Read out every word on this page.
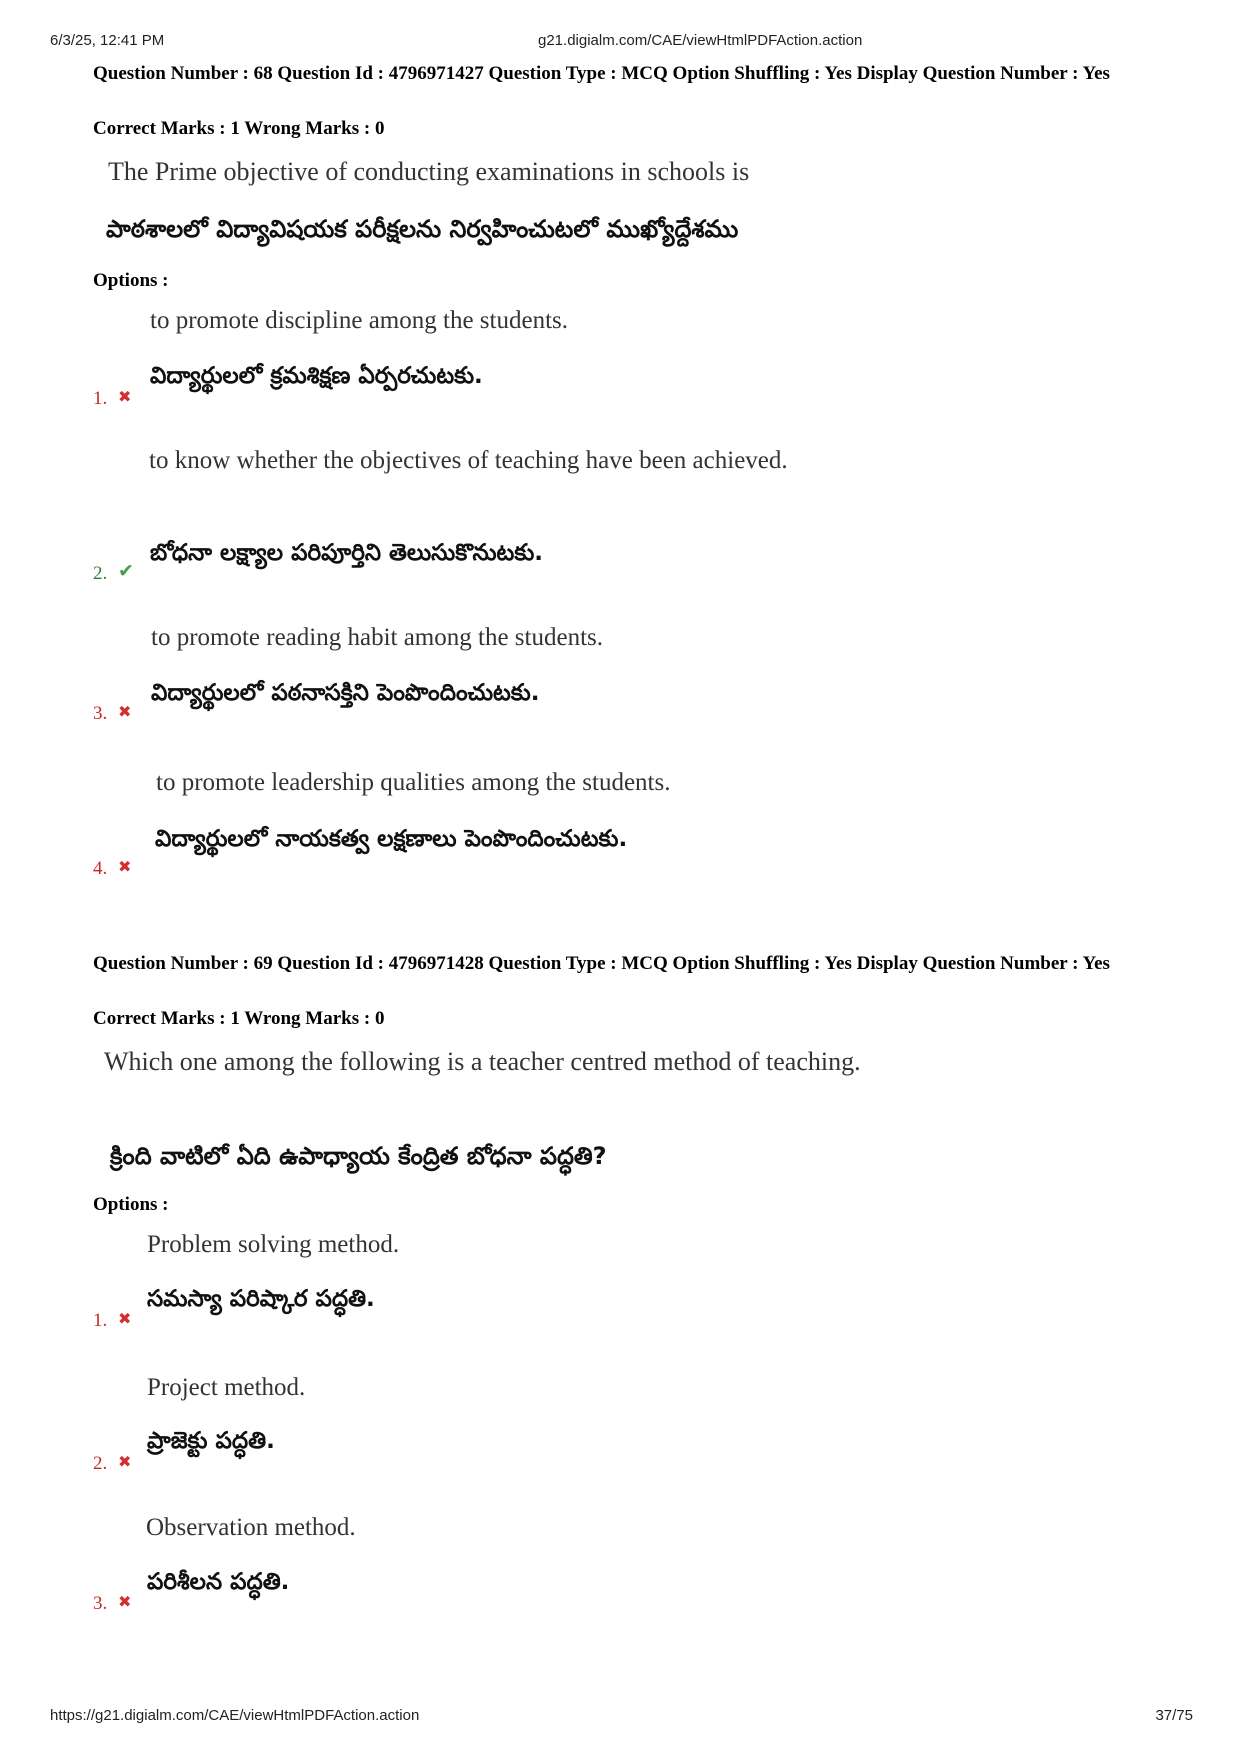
6/3/25, 12:41 PM	g21.digialm.com/CAE/viewHtmlPDFAction.action
Question Number : 68 Question Id : 4796971427 Question Type : MCQ Option Shuffling : Yes Display Question Number : Yes
Correct Marks : 1 Wrong Marks : 0
The Prime objective of conducting examinations in schools is
పాఠశాలలో విద్యావిషయక పరీక్షలను నిర్వహించుటలో ముఖ్యోద్దేశము
Options :
to promote discipline among the students.
విద్యార్థులలో క్రమశిక్షణ ఏర్పరచుటకు.
1. ✖
to know whether the objectives of teaching have been achieved.
బోధనా లక్ష్యాల పరిపూర్తిని తెలుసుకొనుటకు.
2. ✔
to promote reading habit among the students.
విద్యార్థులలో పఠనాసక్తిని పెంపొందించుటకు.
3. ✖
to promote leadership qualities among the students.
విద్యార్థులలో నాయకత్వ లక్షణాలు పెంపొందించుటకు.
4. ✖
Question Number : 69 Question Id : 4796971428 Question Type : MCQ Option Shuffling : Yes Display Question Number : Yes
Correct Marks : 1 Wrong Marks : 0
Which one among the following is a teacher centred method of teaching.
క్రింది వాటిలో ఏది ఉపాధ్యాయ కేంద్రిత బోధనా పద్ధతి?
Options :
Problem solving method.
సమస్యా పరిష్కార పద్ధతి.
1. ✖
Project method.
ప్రాజెక్టు పద్ధతి.
2. ✖
Observation method.
పరిశీలన పద్ధతి.
3. ✖
https://g21.digialm.com/CAE/viewHtmlPDFAction.action	37/75
